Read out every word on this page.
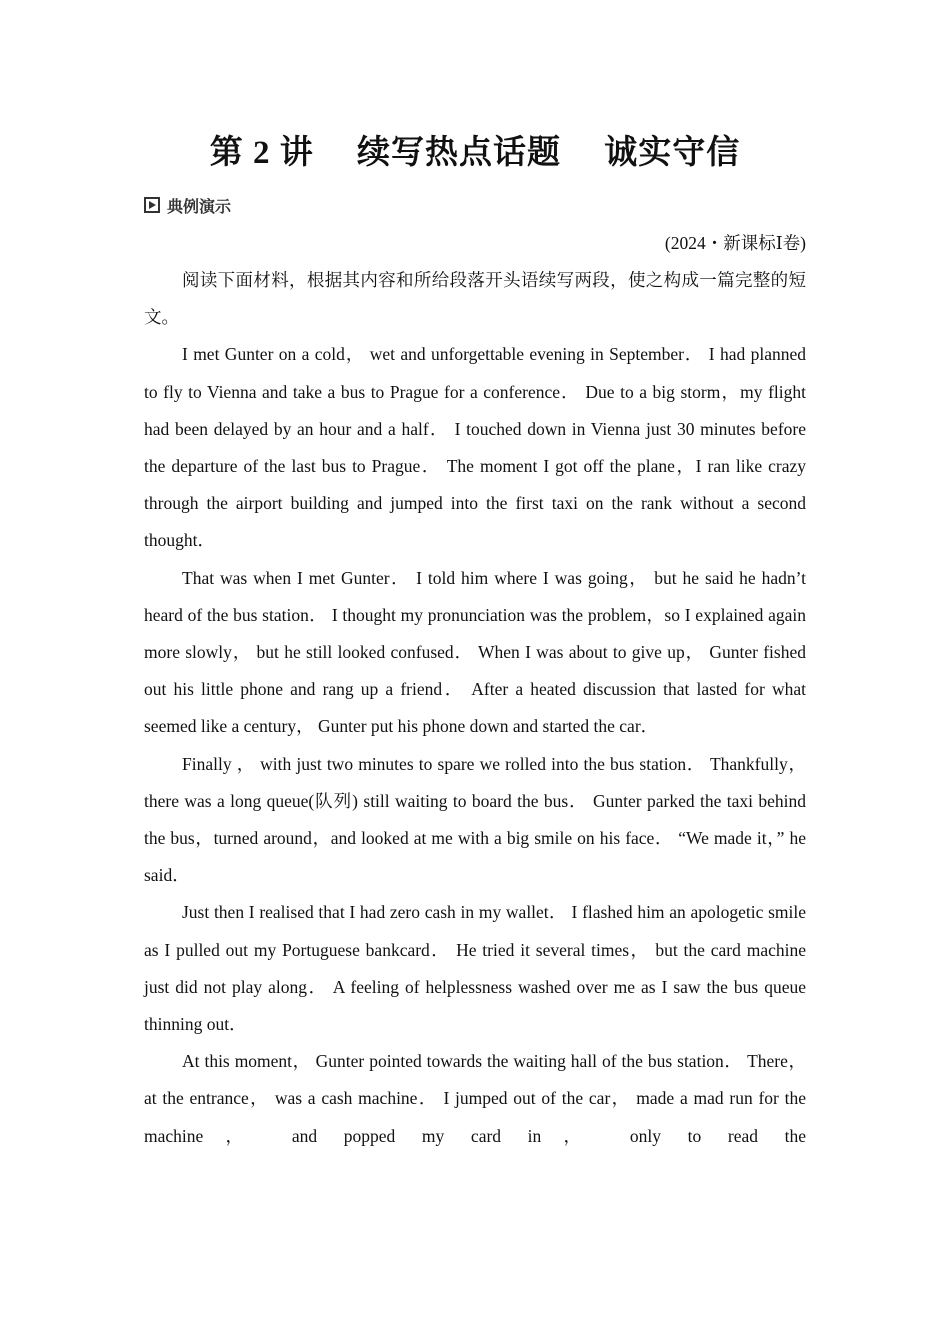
第 2 讲　 续写热点话题　 诚实守信
典例演示
(2024・新课标Ⅰ卷)

阅读下面材料，根据其内容和所给段落开头语续写两段，使之构成一篇完整的短文。

I met Gunter on a cold， wet and unforgettable evening in September． I had planned to fly to Vienna and take a bus to Prague for a conference． Due to a big storm，my flight had been delayed by an hour and a half． I touched down in Vienna just 30 minutes before the departure of the last bus to Prague． The moment I got off the plane，I ran like crazy through the airport building and jumped into the first taxi on the rank without a second thought．

That was when I met Gunter． I told him where I was going， but he said he hadn’t heard of the bus station． I thought my pronunciation was the problem，so I explained again more slowly， but he still looked confused． When I was about to give up， Gunter fished out his little phone and rang up a friend． After a heated discussion that lasted for what seemed like a century， Gunter put his phone down and started the car．

Finally ， with just two minutes to spare we rolled into the bus station． Thankfully， there was a long queue(队列) still waiting to board the bus． Gunter parked the taxi behind the bus，turned around，and looked at me with a big smile on his face． “We made it，” he said．

Just then I realised that I had zero cash in my wallet． I flashed him an apologetic smile as I pulled out my Portuguese bankcard． He tried it several times， but the card machine just did not play along． A feeling of helplessness washed over me as I saw the bus queue thinning out．

At this moment， Gunter pointed towards the waiting hall of the bus station． There， at the entrance， was a cash machine． I jumped out of the car， made a mad run for the machine， and popped my card in， only to read the
